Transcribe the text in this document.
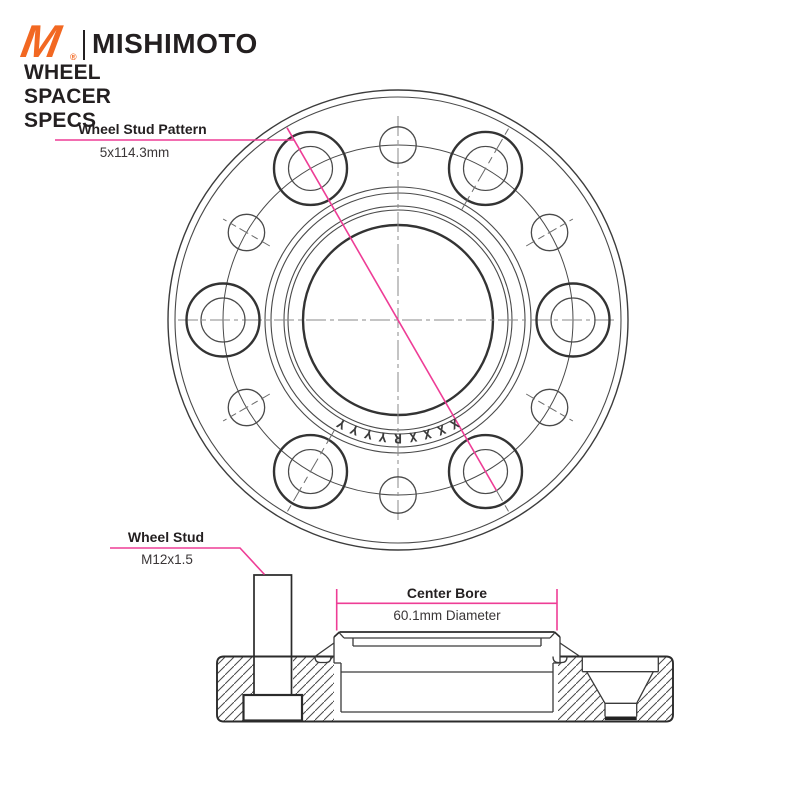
M ® MISHIMOTO
WHEEL SPACER SPECS
Wheel Stud Pattern
5x114.3mm
Wheel Stud
M12x1.5
Center Bore
60.1mm Diameter
Y Y Y Y R X X X X
